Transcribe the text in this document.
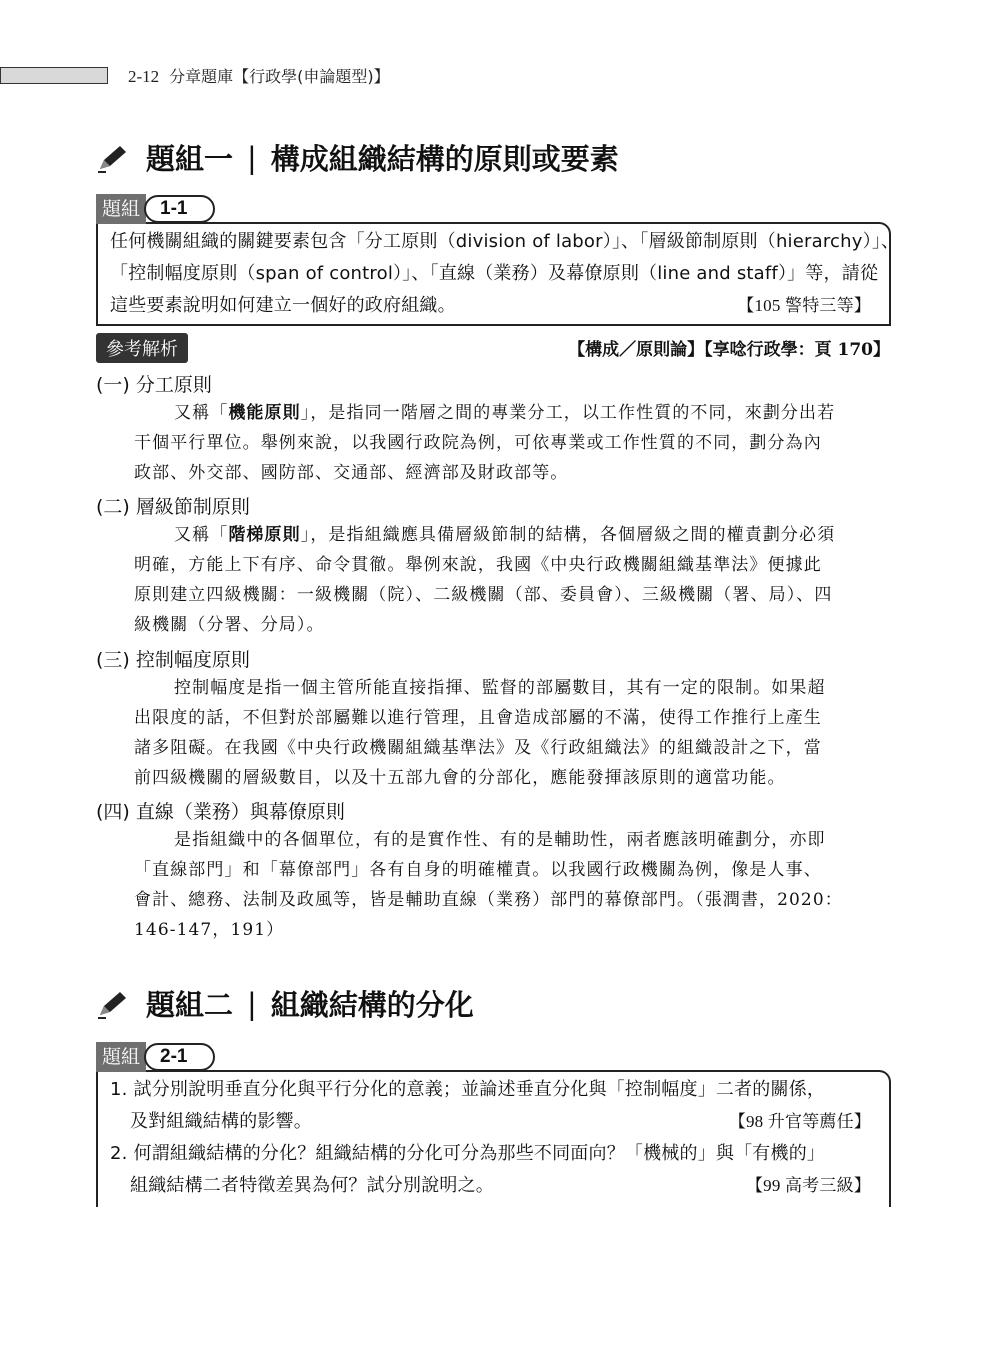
2-12 分章題庫【行政學(申論題型)】
題組一 | 構成組織結構的原則或要素
題組	1-1
任何機關組織的關鍵要素包含「分工原則（division of labor）」、「層級節制原則（hierarchy）」、
「控制幅度原則（span of control）」、「直線（業務）及幕僚原則（line and staff）」等，請從
這些要素說明如何建立一個好的政府組織。	【105 警特三等】
參考解析	【構成／原則論】【享唸行政學：頁 170】
(一) 分工原則
又稱「機能原則」，是指同一階層之間的專業分工，以工作性質的不同，來劃分出若
干個平行單位。舉例來說，以我國行政院為例，可依專業或工作性質的不同，劃分為內
政部、外交部、國防部、交通部、經濟部及財政部等。
(二) 層級節制原則
又稱「階梯原則」，是指組織應具備層級節制的結構，各個層級之間的權責劃分必須
明確，方能上下有序、命令貫徹。舉例來說，我國《中央行政機關組織基準法》便據此
原則建立四級機關：一級機關（院）、二級機關（部、委員會）、三級機關（署、局）、四
級機關（分署、分局）。
(三) 控制幅度原則
控制幅度是指一個主管所能直接指揮、監督的部屬數目，其有一定的限制。如果超
出限度的話，不但對於部屬難以進行管理，且會造成部屬的不滿，使得工作推行上產生
諸多阻礙。在我國《中央行政機關組織基準法》及《行政組織法》的組織設計之下，當
前四級機關的層級數目，以及十五部九會的分部化，應能發揮該原則的適當功能。
(四) 直線（業務）與幕僚原則
是指組織中的各個單位，有的是實作性、有的是輔助性，兩者應該明確劃分，亦即
「直線部門」和「幕僚部門」各有自身的明確權責。以我國行政機關為例，像是人事、
會計、總務、法制及政風等，皆是輔助直線（業務）部門的幕僚部門。（張潤書，2020：
146-147，191）
題組二 | 組織結構的分化
題組	2-1
1. 試分別說明垂直分化與平行分化的意義；並論述垂直分化與「控制幅度」二者的關係，
及對組織結構的影響。	【98 升官等薦任】
2. 何謂組織結構的分化？組織結構的分化可分為那些不同面向？「機械的」與「有機的」
組織結構二者特徵差異為何？試分別說明之。	【99 高考三級】
